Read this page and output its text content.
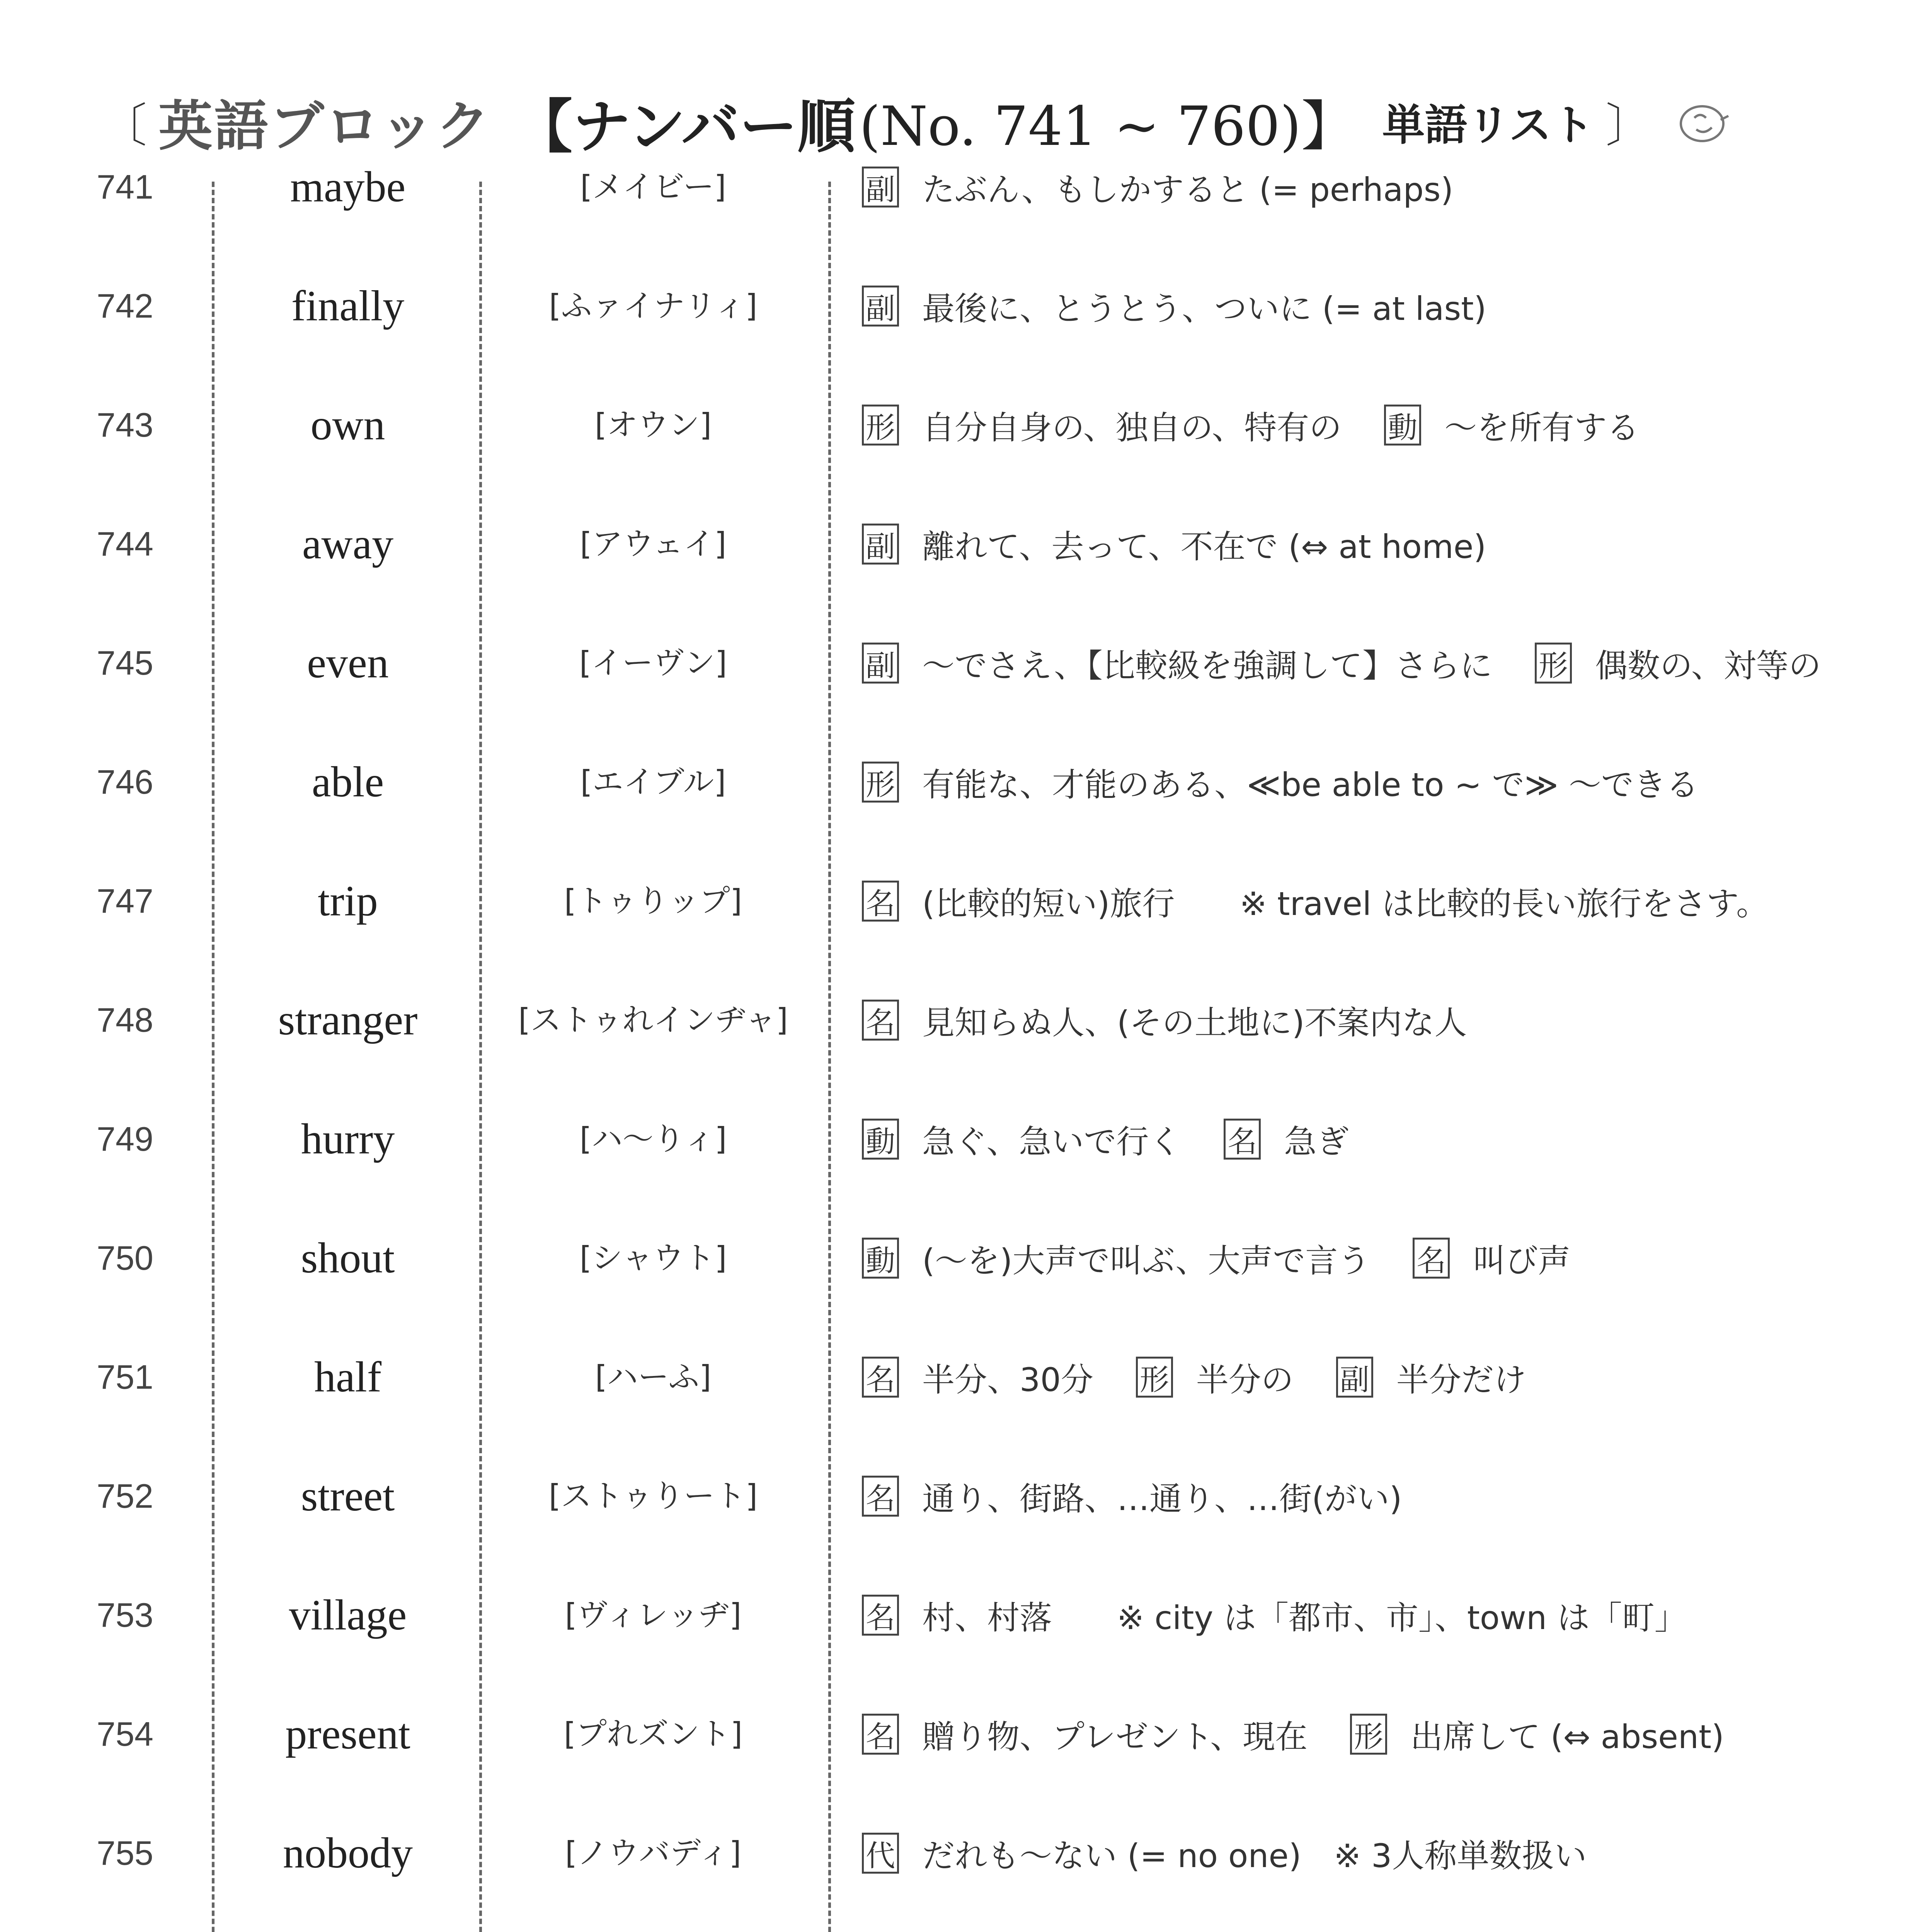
〔 英語ブロック 【ナンバー順 (No. 741 ~ 760)】 単語リスト 〕
741	maybe	[メイビー]	副 たぶん、もしかすると (= perhaps)
742	finally	[ふァイナリィ]	副 最後に、とうとう、ついに (= at last)
743	own	[オウン]	形 自分自身の、独自の、特有の 動 ～を所有する
744	away	[アウェイ]	副 離れて、去って、不在で (⇔ at home)
745	even	[イーヴン]	副 ～でさえ、【比較級を強調して】さらに 形 偶数の、対等の
746	able	[エイブル]	形 有能な、才能のある、≪be able to ~ で≫ ～できる
747	trip	[トゥりップ]	名 (比較的短い)旅行　　※ travel は比較的長い旅行をさす。
748	stranger	[ストゥれインヂャ]	名 見知らぬ人、(その土地に)不案内な人
749	hurry	[ハ～りィ]	動 急ぐ、急いで行く 名 急ぎ
750	shout	[シャウト]	動 (～を)大声で叫ぶ、大声で言う 名 叫び声
751	half	[ハーふ]	名 半分、30分 形 半分の 副 半分だけ
752	street	[ストゥりート]	名 通り、街路、…通り、…街(がい)
753	village	[ヴィレッヂ]	名 村、村落　　※ city は「都市、市」、town は「町」
754	present	[プれズント]	名 贈り物、プレゼント、現在 形 出席して (⇔ absent)
755	nobody	[ノウバディ]	代 だれも～ない (= no one)　※ 3人称単数扱い
